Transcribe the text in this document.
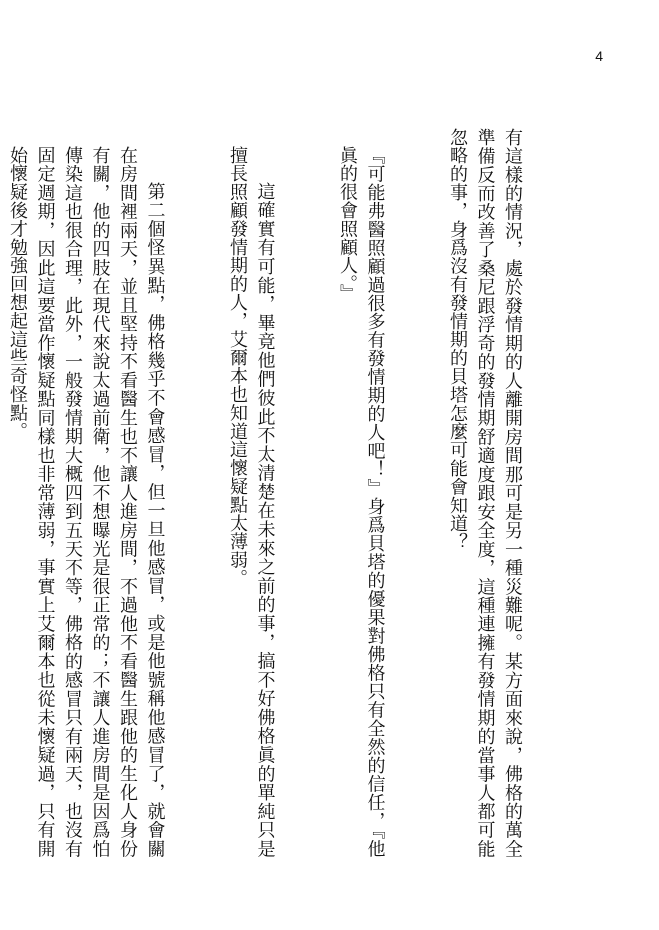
4

有這樣的情況，處於發情期的人離開房間那可是另一種災難呢。某方面來說，佛格的萬全準備反而改善了桑尼跟浮奇的發情期舒適度跟安全度，這種連擁有發情期的當事人都可能忽略的事，身爲沒有發情期的貝塔怎麼可能會知道？

『可能弗醫照顧過很多有發情期的人吧！』身爲貝塔的優果對佛格只有全然的信任，『他眞的很會照顧人。』

這確實有可能，畢竟他們彼此不太清楚在未來之前的事，搞不好佛格眞的單純只是擅長照顧發情期的人，艾爾本也知道這懷疑點太薄弱。

第二個怪異點，佛格幾乎不會感冒，但一旦他感冒，或是他號稱他感冒了，就會關在房間裡兩天，並且堅持不看醫生也不讓人進房間，不過他不看醫生跟他的生化人身份有關，他的四肢在現代來說太過前衛，他不想曝光是很正常的；不讓人進房間是因爲怕傳染這也很合理，此外，一般發情期大概四到五天不等，佛格的感冒只有兩天，也沒有固定週期，因此這要當作懷疑點同樣也非常薄弱，事實上艾爾本也從未懷疑過，只有開始懷疑後才勉強回想起這些奇怪點。
